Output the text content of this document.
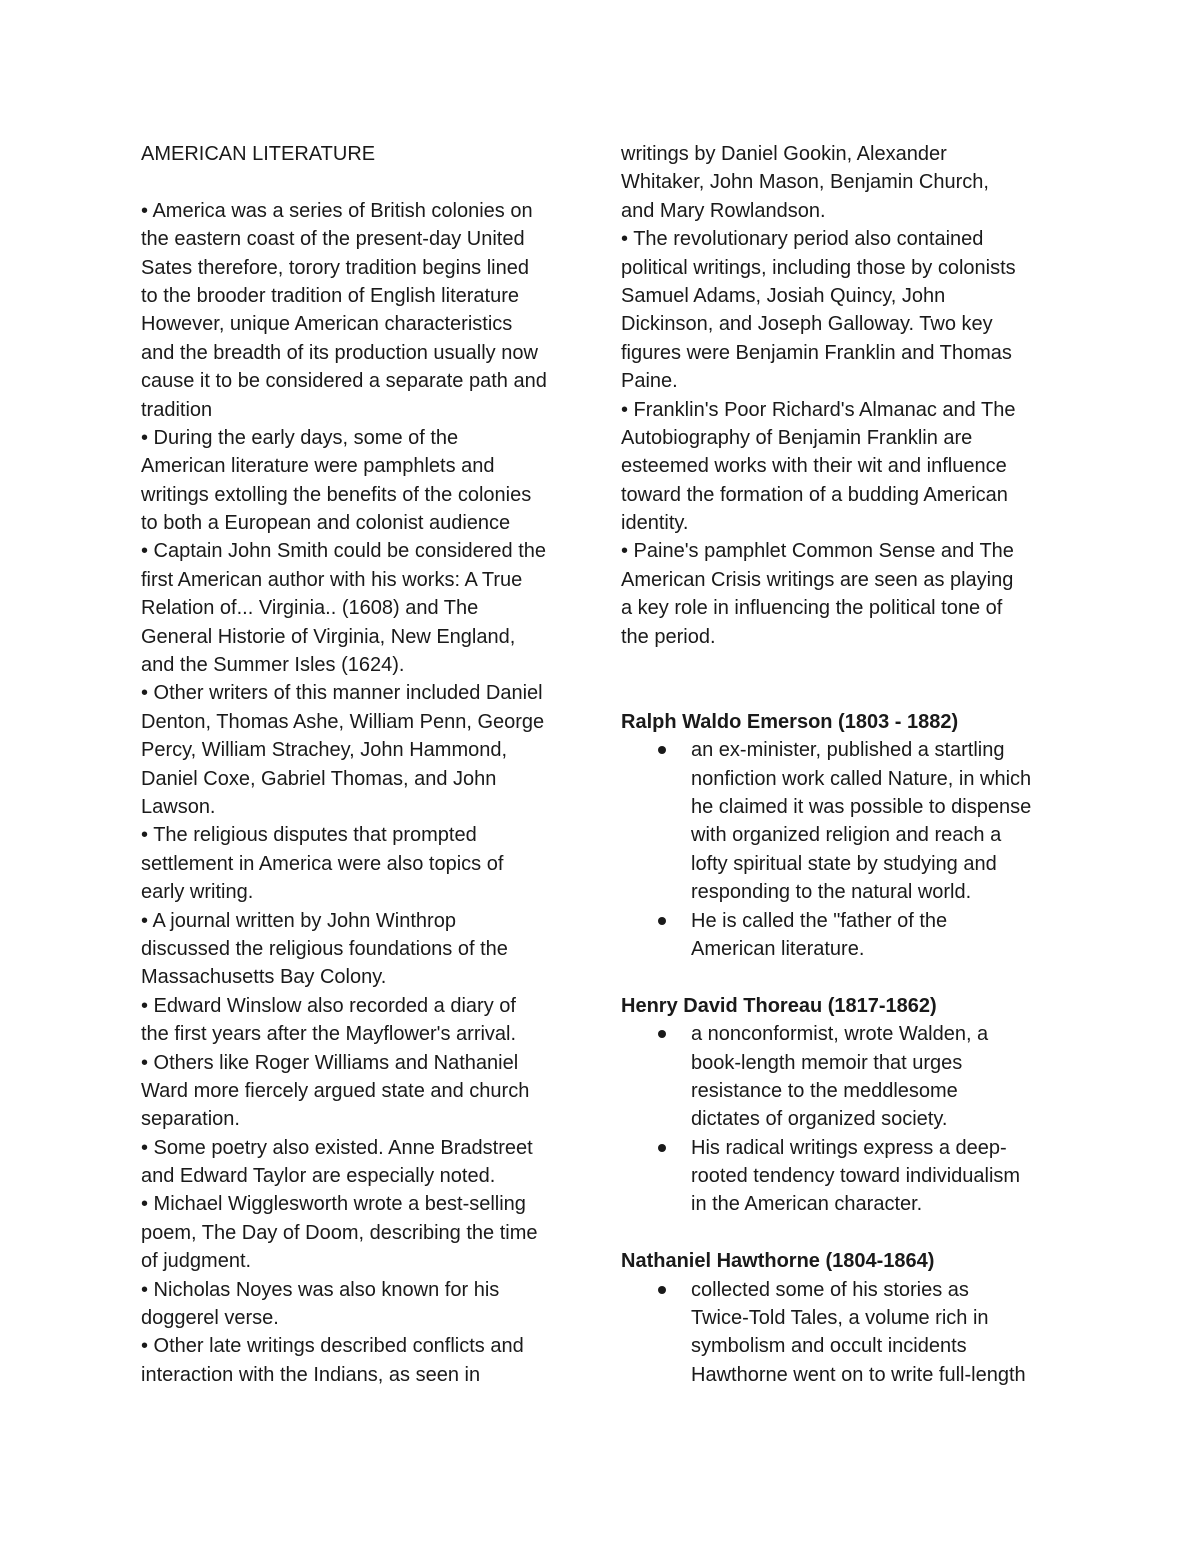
AMERICAN LITERATURE
• America was a series of British colonies on
the eastern coast of the present-day United
Sates therefore, torory tradition begins lined
to the brooder tradition of English literature
However, unique American characteristics
and the breadth of its production usually now
cause it to be considered a separate path and
tradition
• During the early days, some of the
American literature were pamphlets and
writings extolling the benefits of the colonies
to both a European and colonist audience
• Captain John Smith could be considered the
first American author with his works: A True
Relation of... Virginia.. (1608) and The
General Historie of Virginia, New England,
and the Summer Isles (1624).
• Other writers of this manner included Daniel
Denton, Thomas Ashe, William Penn, George
Percy, William Strachey, John Hammond,
Daniel Coxe, Gabriel Thomas, and John
Lawson.
• The religious disputes that prompted
settlement in America were also topics of
early writing.
• A journal written by John Winthrop
discussed the religious foundations of the
Massachusetts Bay Colony.
• Edward Winslow also recorded a diary of
the first years after the Mayflower's arrival.
• Others like Roger Williams and Nathaniel
Ward more fiercely argued state and church
separation.
• Some poetry also existed. Anne Bradstreet
and Edward Taylor are especially noted.
• Michael Wigglesworth wrote a best-selling
poem, The Day of Doom, describing the time
of judgment.
• Nicholas Noyes was also known for his
doggerel verse.
• Other late writings described conflicts and
interaction with the Indians, as seen in
writings by Daniel Gookin, Alexander
Whitaker, John Mason, Benjamin Church,
and Mary Rowlandson.
• The revolutionary period also contained
political writings, including those by colonists
Samuel Adams, Josiah Quincy, John
Dickinson, and Joseph Galloway. Two key
figures were Benjamin Franklin and Thomas
Paine.
• Franklin's Poor Richard's Almanac and The
Autobiography of Benjamin Franklin are
esteemed works with their wit and influence
toward the formation of a budding American
identity.
• Paine's pamphlet Common Sense and The
American Crisis writings are seen as playing
a key role in influencing the political tone of
the period.
Ralph Waldo Emerson (1803 - 1882)
an ex-minister, published a startling
nonfiction work called Nature, in which
he claimed it was possible to dispense
with organized religion and reach a
lofty spiritual state by studying and
responding to the natural world.
He is called the "father of the
American literature.
Henry David Thoreau (1817-1862)
a nonconformist, wrote Walden, a
book-length memoir that urges
resistance to the meddlesome
dictates of organized society.
His radical writings express a deep-
rooted tendency toward individualism
in the American character.
Nathaniel Hawthorne (1804-1864)
collected some of his stories as
Twice-Told Tales, a volume rich in
symbolism and occult incidents
Hawthorne went on to write full-length
